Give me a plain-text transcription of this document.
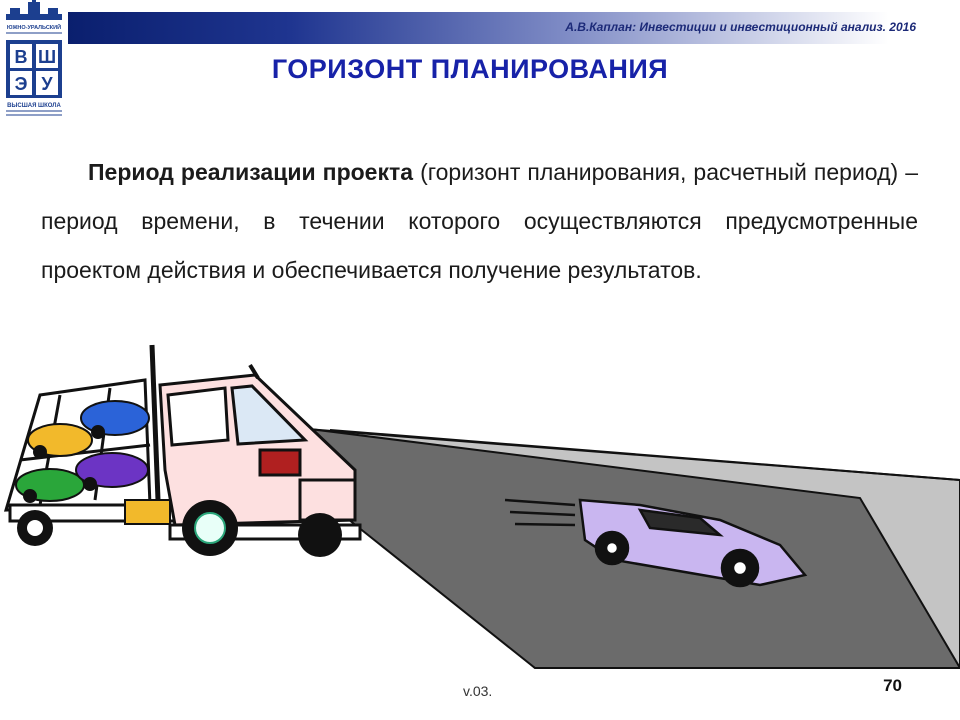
А.В.Каплан: Инвестиции и инвестиционный анализ. 2016
ЮЖНО-УРАЛЬСКИЙ
В Ш
Э У
ВЫСШАЯ ШКОЛА
ГОРИЗОНТ ПЛАНИРОВАНИЯ
Период реализации проекта (горизонт планирования, расчетный период) – период времени, в течении которого осуществляются предусмотренные проектом действия и обеспечивается получение результатов.
v.03.	70
